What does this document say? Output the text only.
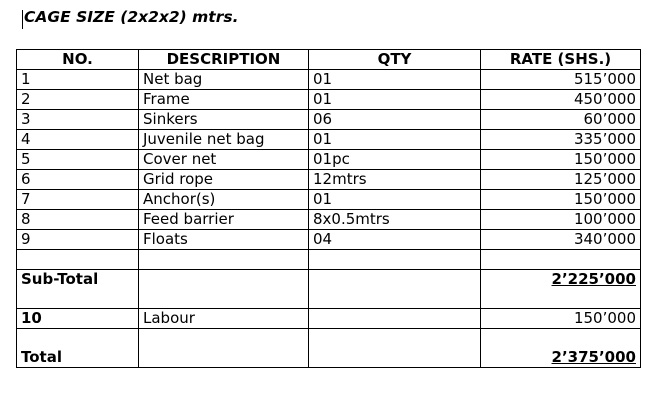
CAGE SIZE (2x2x2) mtrs.
NO.	DESCRIPTION	QTY	RATE (SHS.)
1	Net bag	01	515’000
2	Frame	01	450’000
3	Sinkers	06	60’000
4	Juvenile net bag	01	335’000
5	Cover net	01pc	150’000
6	Grid rope	12mtrs	125’000
7	Anchor(s)	01	150’000
8	Feed barrier	8x0.5mtrs	100’000
9	Floats	04	340’000

Sub-Total			2’225’000
10	Labour		150’000
Total			2’375’000
